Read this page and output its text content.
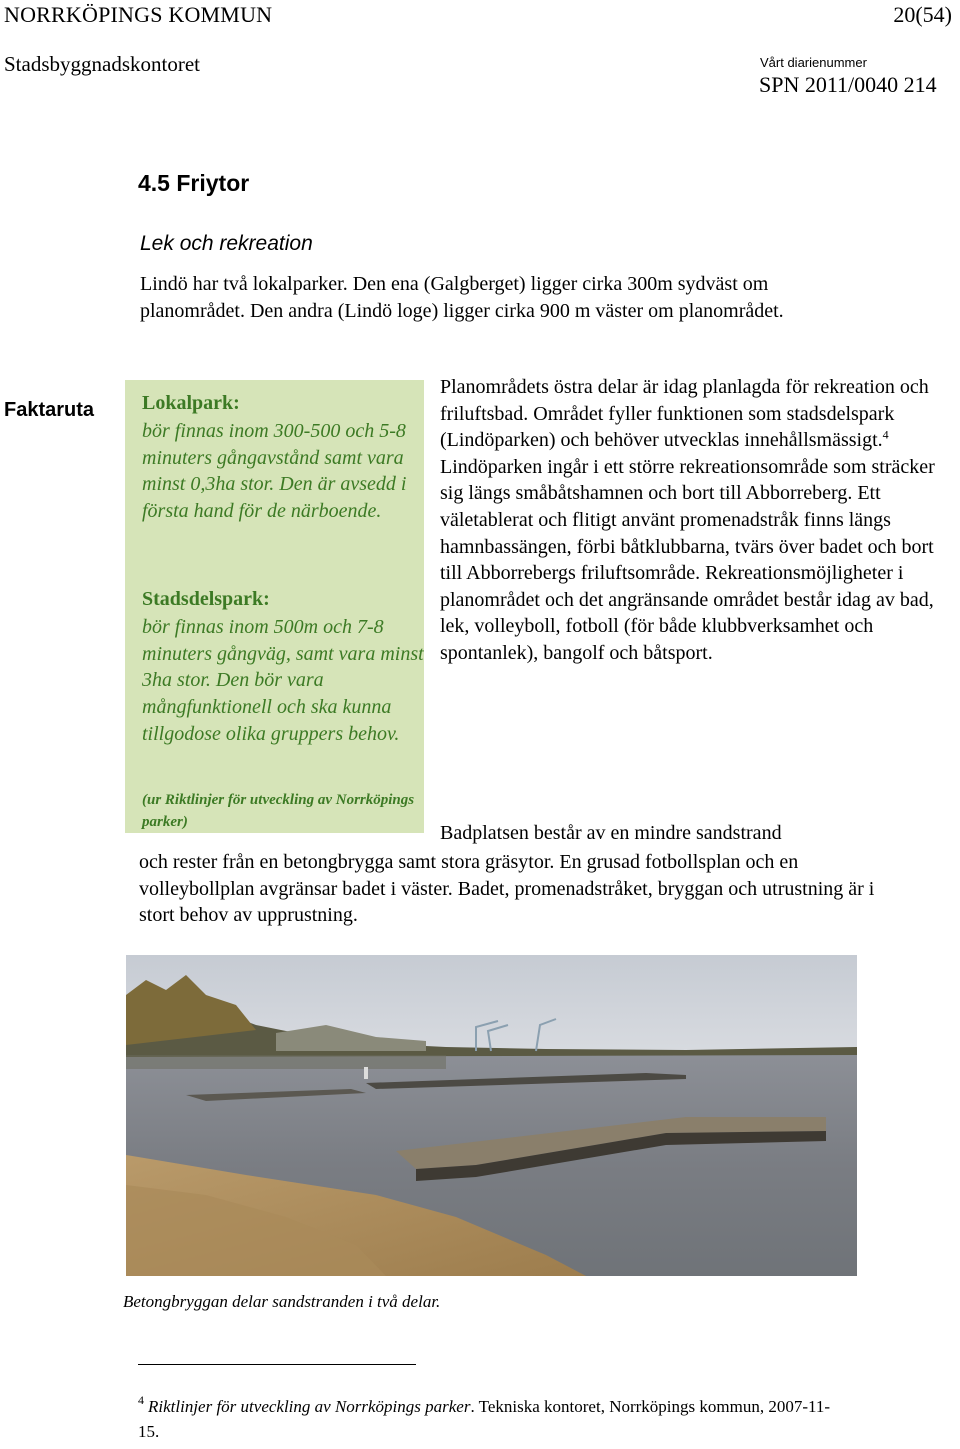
NORRKÖPINGS KOMMUN	20(54)
Stadsbyggnadskontoret	Vårt diarienummer
SPN 2011/0040 214
4.5 Friytor
Lek och rekreation
Lindö har två lokalparker. Den ena (Galgberget) ligger cirka 300m sydväst om planområdet. Den andra (Lindö loge) ligger cirka 900 m väster om planområdet.
Faktaruta Lokalpark:
bör finnas inom 300-500 och 5-8 minuters gångavstånd samt vara minst 0,3ha stor. Den är avsedd i första hand för de närboende.
Stadsdelspark:
bör finnas inom 500m och 7-8 minuters gångväg, samt vara minst 3ha stor. Den bör vara mångfunktionell och ska kunna tillgodose olika gruppers behov.
(ur Riktlinjer för utveckling av Norrköpings parker)
Planområdets östra delar är idag planlagda för rekreation och friluftsbad. Området fyller funktionen som stadsdelspark (Lindöparken) och behöver utvecklas innehållsmässigt.$^4$ Lindöparken ingår i ett större rekreationsområde som sträcker sig längs småbåtshamnen och bort till Abborreberg. Ett väletablerat och flitigt använt promenadstråk finns längs hamnbassängen, förbi båtklubbarna, tvärs över badet och bort till Abborrebergs friluftsområde. Rekreationsmöjligheter i planområdet och det angränsande området består idag av bad, lek, volleyboll, fotboll (för både klubbverksamhet och spontanlek), bangolf och båtsport.
Badplatsen består av en mindre sandstrand
och rester från en betongbrygga samt stora gräsytor. En grusad fotbollsplan och en volleybollplan avgränsar badet i väster. Badet, promenadstråket, bryggan och utrustning är i stort behov av upprustning.
Betongbryggan delar sandstranden i två delar.
$^4$ Riktlinjer för utveckling av Norrköpings parker. Tekniska kontoret, Norrköpings kommun, 2007-11-15.
